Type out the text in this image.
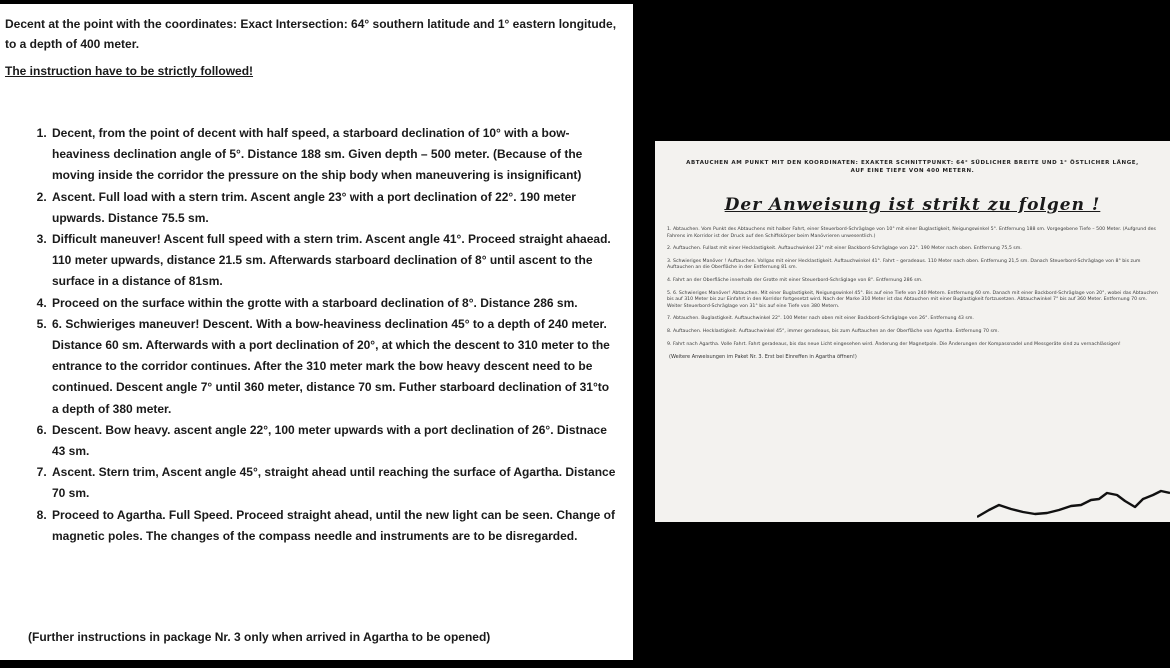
Decent at the point with the coordinates: Exact Intersection: 64° southern latitude and 1° eastern longitude, to a depth of 400 meter.

The instruction have to be strictly followed!

1. Decent, from the point of decent with half speed, a starboard declination of 10° with a bow-heaviness declination angle of 5°. Distance 188 sm. Given depth – 500 meter. (Because of the moving inside the corridor the pressure on the ship body when maneuvering is insignificant)
2. Ascent. Full load with a stern trim. Ascent angle 23° with a port declination of 22°. 190 meter upwards. Distance 75.5 sm.
3. Difficult maneuver! Ascent full speed with a stern trim. Ascent angle 41°. Proceed straight ahaead. 110 meter upwards, distance 21.5 sm. Afterwards starboard declination of 8° until ascent to the surface in a distance of 81sm.
4. Proceed on the surface within the grotte with a starboard declination of 8°. Distance 286 sm.
5. 6. Schwieriges maneuver! Descent. With a bow-heaviness declination 45° to a depth of 240 meter. Distance 60 sm. Afterwards with a port declination of 20°, at which the descent to 310 meter to the entrance to the corridor continues. After the 310 meter mark the bow heavy descent need to be continued. Descent angle 7° until 360 meter, distance 70 sm. Futher starboard declination of 31°to a depth of 380 meter.
6. Descent. Bow heavy. ascent angle 22°, 100 meter upwards with a port declination of 26°. Distnace 43 sm.
7. Ascent. Stern trim, Ascent angle 45°, straight ahead until reaching the surface of Agartha. Distance 70 sm.
8. Proceed to Agartha. Full Speed. Proceed straight ahead, until the new light can be seen. Change of magnetic poles. The changes of the compass needle and instruments are to be disregarded.

(Further instructions in package Nr. 3 only when arrived in Agartha to be opened)

ABTAUCHEN AM PUNKT MIT DEN KOORDINATEN: EXAKTER SCHNITTPUNKT: 64° SÜDLICHER BREITE UND 1° ÖSTLICHER LÄNGE, AUF EINE TIEFE VON 400 METERN.
Der Anweisung ist strikt zu folgen !

1. Abtauchen. Vom Punkt des Abtauchens mit halber Fahrt, einer Steuerbord-Schräglage von 10° mit einer Buglastigkeit, Neigungswinkel 5°. Entfernung 188 sm. Vorgegebene Tiefe – 500 Meter. (Aufgrund des Fahrens im Korridor ist der Druck auf den Schiffskörper beim Manövrieren unwesentlich.)

2. Auftauchen. Fullast mit einer Hecklastigkeit. Auftauchwinkel 23° mit einer Backbord-Schräglage von 22°. 190 Meter nach oben. Entfernung 75,5 sm.

3. Schwieriges Manöver ! Auftauchen. Vollgas mit einer Hecklastigkeit. Auftauchwinkel 41°. Fahrt – geradeaus. 110 Meter nach oben. Entfernung 21,5 sm. Danach Steuerbord-Schräglage von 8° bis zum Auftauchen an die Oberfläche in der Entfernung 81 sm.

4. Fahrt an der Oberfläche innerhalb der Grotte mit einer Steuerbord-Schräglage von 8°. Entfernung 286 sm.

5. 6. Schwieriges Manöver! Abtauchen. Mit einer Buglastigkeit, Neigungswinkel 45°. Bis auf eine Tiefe von 240 Metern. Entfernung 60 sm. Danach mit einer Backbord-Schräglage von 20°, wobei das Abtauchen bis auf 310 Meter bis zur Einfahrt in den Korridor fortgesetzt wird. Nach der Marke 310 Meter ist das Abtauchen mit einer Buglastigkeit fortzusetzen. Abtauchwinkel 7° bis auf 360 Meter. Entfernung 70 sm. Weiter Steuerbord-Schräglage von 31° bis auf eine Tiefe von 380 Metern.

7. Abtauchen. Buglastigkeit. Auftauchwinkel 22°. 100 Meter nach oben mit einer Backbord-Schräglage von 26°. Entfernung 43 sm.

8. Auftauchen. Hecklastigkeit. Auftauchwinkel 45°, immer geradeaus, bis zum Auftauchen an der Oberfläche von Agartha. Entfernung 70 sm.

9. Fahrt nach Agartha. Volle Fahrt. Fahrt geradeaus, bis das neue Licht eingesehen wird. Änderung der Magnetpole. Die Änderungen der Kompassnadel und Messgeräte sind zu vernachlässigen!

(Weitere Anweisungen im Paket Nr. 3. Erst bei Einreffen in Agartha öffnen!)
